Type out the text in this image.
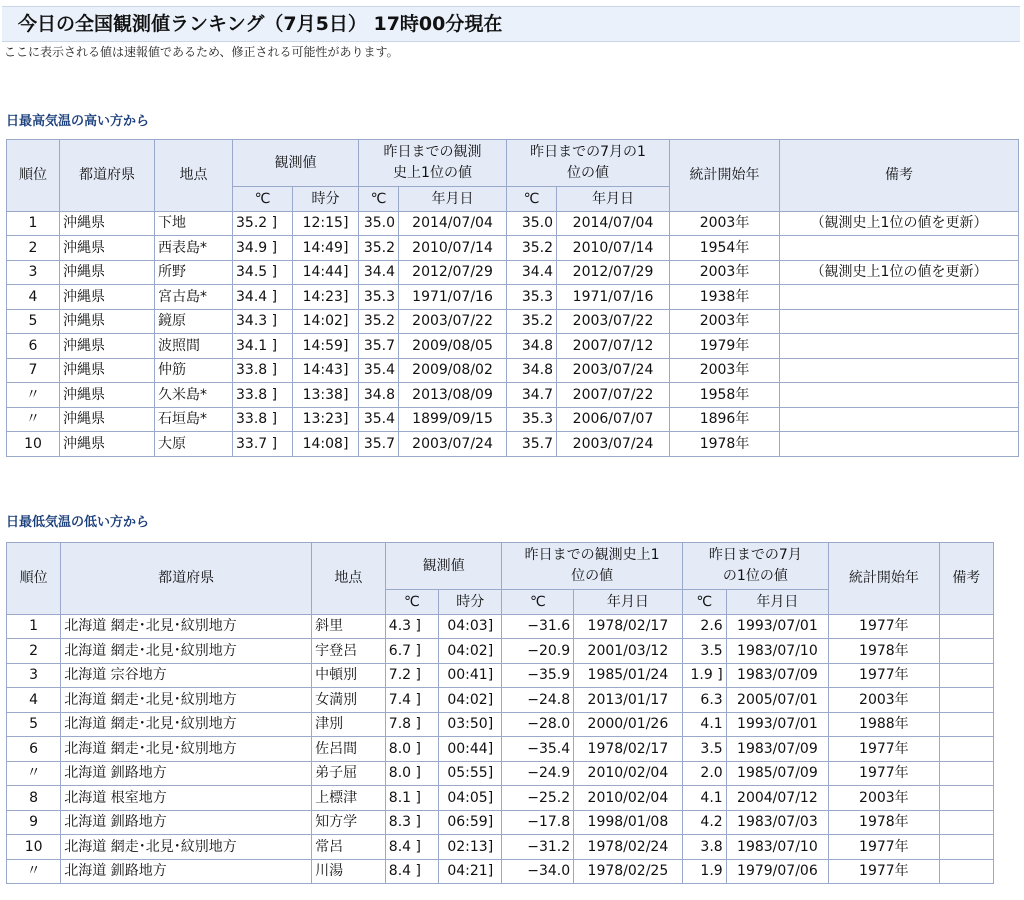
今日の全国観測値ランキング（7月5日） 17時00分現在
ここに表示される値は速報値であるため、修正される可能性があります。
日最高気温の高い方から
順位	都道府県	地点	観測値		昨日までの観測史上1位の値		昨日までの7月の1位の値		統計開始年	備考
			℃	時分	℃	年月日	℃	年月日		
1	沖縄県	下地	35.2 ]	12:15]	35.0	2014/07/04	35.0	2014/07/04	2003年	（観測史上1位の値を更新）
2	沖縄県	西表島*	34.9 ]	14:49]	35.2	2010/07/14	35.2	2010/07/14	1954年	
3	沖縄県	所野	34.5 ]	14:44]	34.4	2012/07/29	34.4	2012/07/29	2003年	（観測史上1位の値を更新）
4	沖縄県	宮古島*	34.4 ]	14:23]	35.3	1971/07/16	35.3	1971/07/16	1938年	
5	沖縄県	鏡原	34.3 ]	14:02]	35.2	2003/07/22	35.2	2003/07/22	2003年	
6	沖縄県	波照間	34.1 ]	14:59]	35.7	2009/08/05	34.8	2007/07/12	1979年	
7	沖縄県	仲筋	33.8 ]	14:43]	35.4	2009/08/02	34.8	2003/07/24	2003年	
〃	沖縄県	久米島*	33.8 ]	13:38]	34.8	2013/08/09	34.7	2007/07/22	1958年	
〃	沖縄県	石垣島*	33.8 ]	13:23]	35.4	1899/09/15	35.3	2006/07/07	1896年	
10	沖縄県	大原	33.7 ]	14:08]	35.7	2003/07/24	35.7	2003/07/24	1978年	
日最低気温の低い方から
順位	都道府県	地点	観測値		昨日までの観測史上1位の値		昨日までの7月の1位の値		統計開始年	備考
			℃	時分	℃	年月日	℃	年月日		
1	北海道 網走･北見･紋別地方	斜里	4.3 ]	04:03]	−31.6	1978/02/17	2.6	1993/07/01	1977年	
2	北海道 網走･北見･紋別地方	宇登呂	6.7 ]	04:02]	−20.9	2001/03/12	3.5	1983/07/10	1978年	
3	北海道 宗谷地方	中頓別	7.2 ]	00:41]	−35.9	1985/01/24	1.9 ]	1983/07/09	1977年	
4	北海道 網走･北見･紋別地方	女満別	7.4 ]	04:02]	−24.8	2013/01/17	6.3	2005/07/01	2003年	
5	北海道 網走･北見･紋別地方	津別	7.8 ]	03:50]	−28.0	2000/01/26	4.1	1993/07/01	1988年	
6	北海道 網走･北見･紋別地方	佐呂間	8.0 ]	00:44]	−35.4	1978/02/17	3.5	1983/07/09	1977年	
〃	北海道 釧路地方	弟子屈	8.0 ]	05:55]	−24.9	2010/02/04	2.0	1985/07/09	1977年	
8	北海道 根室地方	上標津	8.1 ]	04:05]	−25.2	2010/02/04	4.1	2004/07/12	2003年	
9	北海道 釧路地方	知方学	8.3 ]	06:59]	−17.8	1998/01/08	4.2	1983/07/03	1978年	
10	北海道 網走･北見･紋別地方	常呂	8.4 ]	02:13]	−31.2	1978/02/24	3.8	1983/07/10	1977年	
〃	北海道 釧路地方	川湯	8.4 ]	04:21]	−34.0	1978/02/25	1.9	1979/07/06	1977年	
